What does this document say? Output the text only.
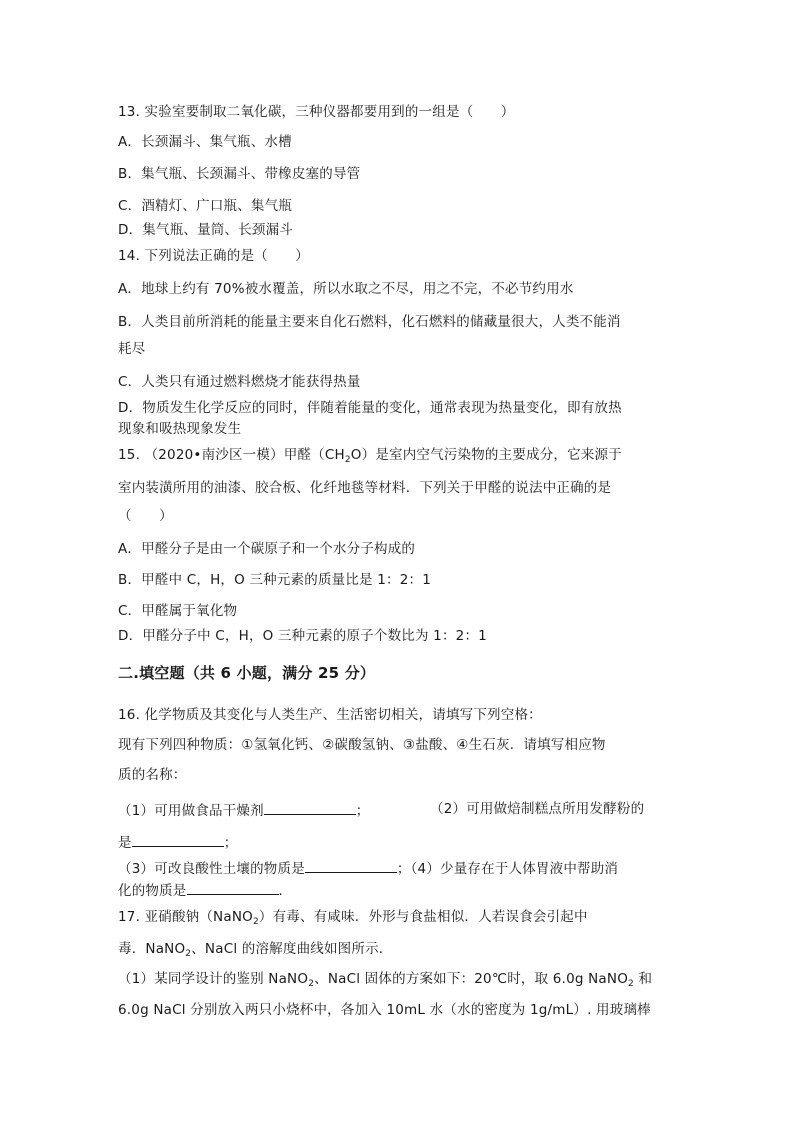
13. 实验室要制取二氧化碳，三种仪器都要用到的一组是（　　）
A．长颈漏斗、集气瓶、水槽
B．集气瓶、长颈漏斗、带橡皮塞的导管
C．酒精灯、广口瓶、集气瓶
D．集气瓶、量筒、长颈漏斗
14. 下列说法正确的是（　　）
A．地球上约有 70%被水覆盖，所以水取之不尽，用之不完，不必节约用水
B．人类目前所消耗的能量主要来自化石燃料，化石燃料的储藏量很大，人类不能消
耗尽
C．人类只有通过燃料燃烧才能获得热量
D．物质发生化学反应的同时，伴随着能量的变化，通常表现为热量变化，即有放热
现象和吸热现象发生
15. （2020•南沙区一模）甲醛$(CH_2O)$是室内空气污染物的主要成分，它来源于
室内装潢所用的油漆、胶合板、化纤地毯等材料．下列关于甲醛的说法中正确的是
（　　）
A．甲醛分子是由一个碳原子和一个水分子构成的
B．甲醛中 C，H，O 三种元素的质量比是 1：2：1
C．甲醛属于氧化物
D．甲醛分子中 C，H，O 三种元素的原子个数比为 1：2：1
二.填空题（共 6 小题，满分 25 分）
16. 化学物质及其变化与人类生产、生活密切相关，请填写下列空格：
现有下列四种物质：①氢氧化钙、②碳酸氢钠、③盐酸、④生石灰．请填写相应物
质的名称：
（1）可用做食品干燥剂	；	（2）可用做焙制糕点所用发酵粉的
是	；
（3）可改良酸性土壤的物质是	；（4）少量存在于人体胃液中帮助消
化的物质是	．
17. 亚硝酸钠（NaNO$_2$）有毒、有咸味．外形与食盐相似．人若误食会引起中
毒．NaNO$_2$、NaCl 的溶解度曲线如图所示．
（1）某同学设计的鉴别 NaNO$_2$、NaCl 固体的方案如下：20℃时，取 6.0g NaNO$_2$ 和
6.0g NaCl 分别放入两只小烧杯中，各加入 10mL 水（水的密度为 1g/mL）. 用玻璃棒
